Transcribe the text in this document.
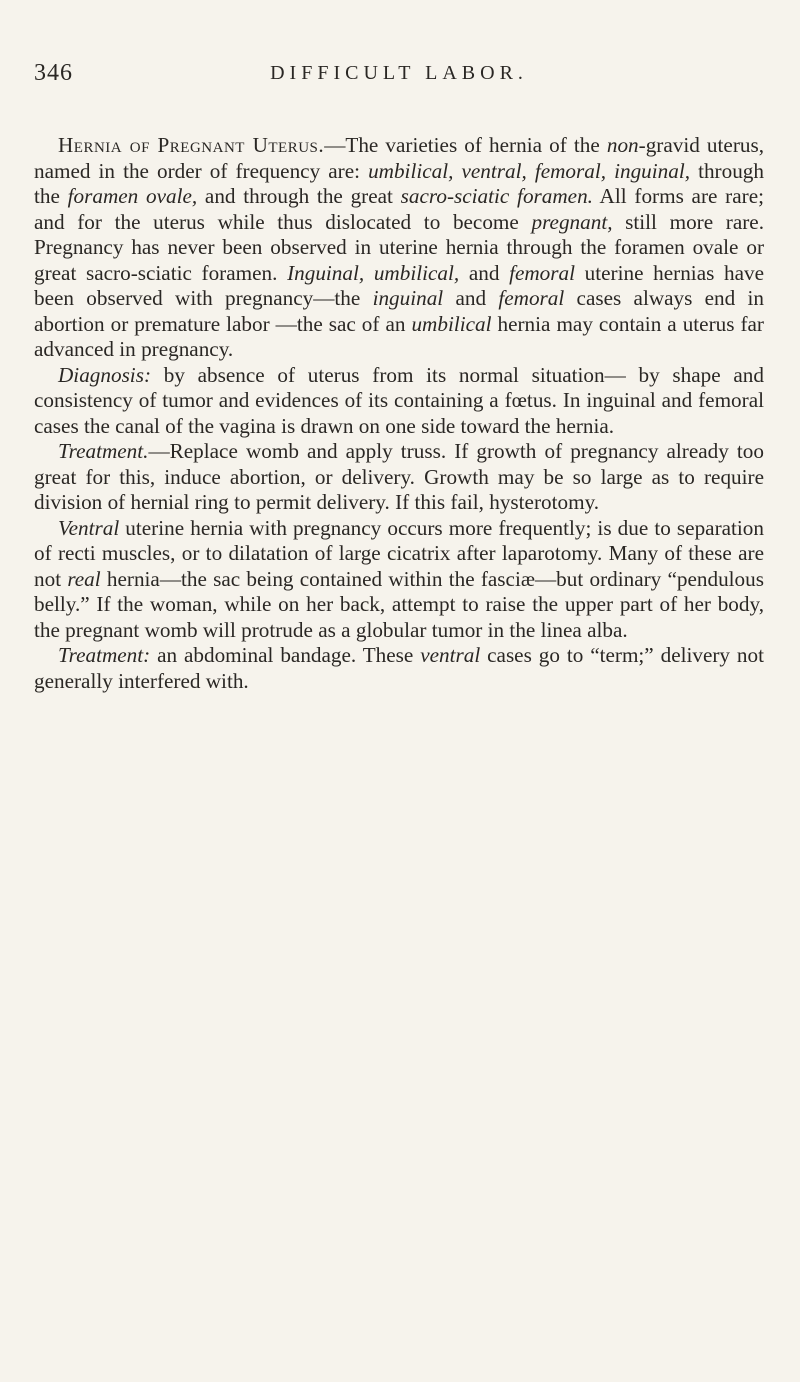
346	DIFFICULT LABOR.

Hernia of Pregnant Uterus.—The varieties of hernia of the non-gravid uterus, named in the order of frequency are: umbilical, ventral, femoral, inguinal, through the foramen ovale, and through the great sacro-sciatic foramen. All forms are rare; and for the uterus while thus dislocated to become pregnant, still more rare. Pregnancy has never been observed in uterine hernia through the foramen ovale or great sacro-sciatic foramen. Inguinal, umbilical, and femoral uterine hernias have been observed with pregnancy—the inguinal and femoral cases always end in abortion or premature labor —the sac of an umbilical hernia may contain a uterus far advanced in pregnancy.

Diagnosis: by absence of uterus from its normal situation— by shape and consistency of tumor and evidences of its containing a fœtus. In inguinal and femoral cases the canal of the vagina is drawn on one side toward the hernia.

Treatment.—Replace womb and apply truss. If growth of pregnancy already too great for this, induce abortion, or delivery. Growth may be so large as to require division of hernial ring to permit delivery. If this fail, hysterotomy.

Ventral uterine hernia with pregnancy occurs more frequently; is due to separation of recti muscles, or to dilatation of large cicatrix after laparotomy. Many of these are not real hernia—the sac being contained within the fasciæ—but ordinary “pendulous belly.” If the woman, while on her back, attempt to raise the upper part of her body, the pregnant womb will protrude as a globular tumor in the linea alba.

Treatment: an abdominal bandage. These ventral cases go to “term;” delivery not generally interfered with.
